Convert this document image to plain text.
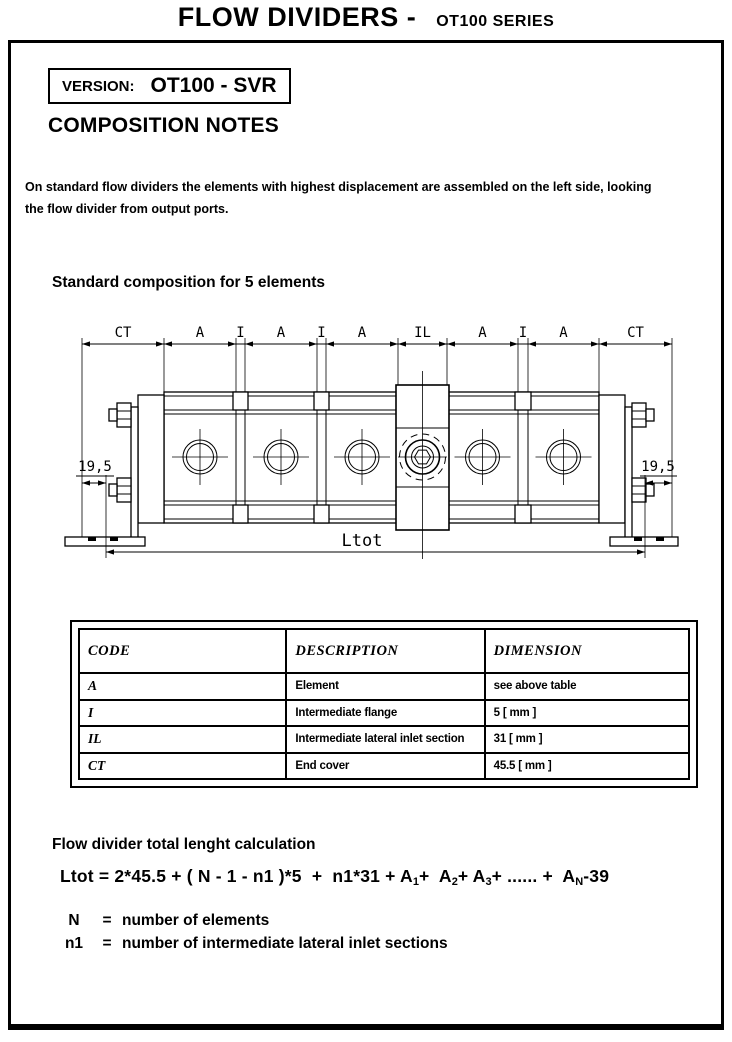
FLOW DIVIDERS - OT100 SERIES
VERSION: OT100 - SVR
COMPOSITION NOTES

On standard flow dividers the elements with highest displacement are assembled on the left side, looking
the flow divider from output ports.

Standard composition for 5 elements
CT	A I A I A	IL	A I A	CT
19,5	19,5
Ltot
CODE	DESCRIPTION	DIMENSION
A	Element	see above table
I	Intermediate flange	5 [ mm ]
IL	Intermediate lateral inlet section	31 [ mm ]
CT	End cover	45.5 [ mm ]
Flow divider total lenght calculation
Ltot = 2*45.5 + ( N - 1 - n1 )$*5 + n1*31 + A_1+ A_2+ A_3+$ ...... +  $A_N-39$
N	= number of elements
n1	= number of intermediate lateral inlet sections
